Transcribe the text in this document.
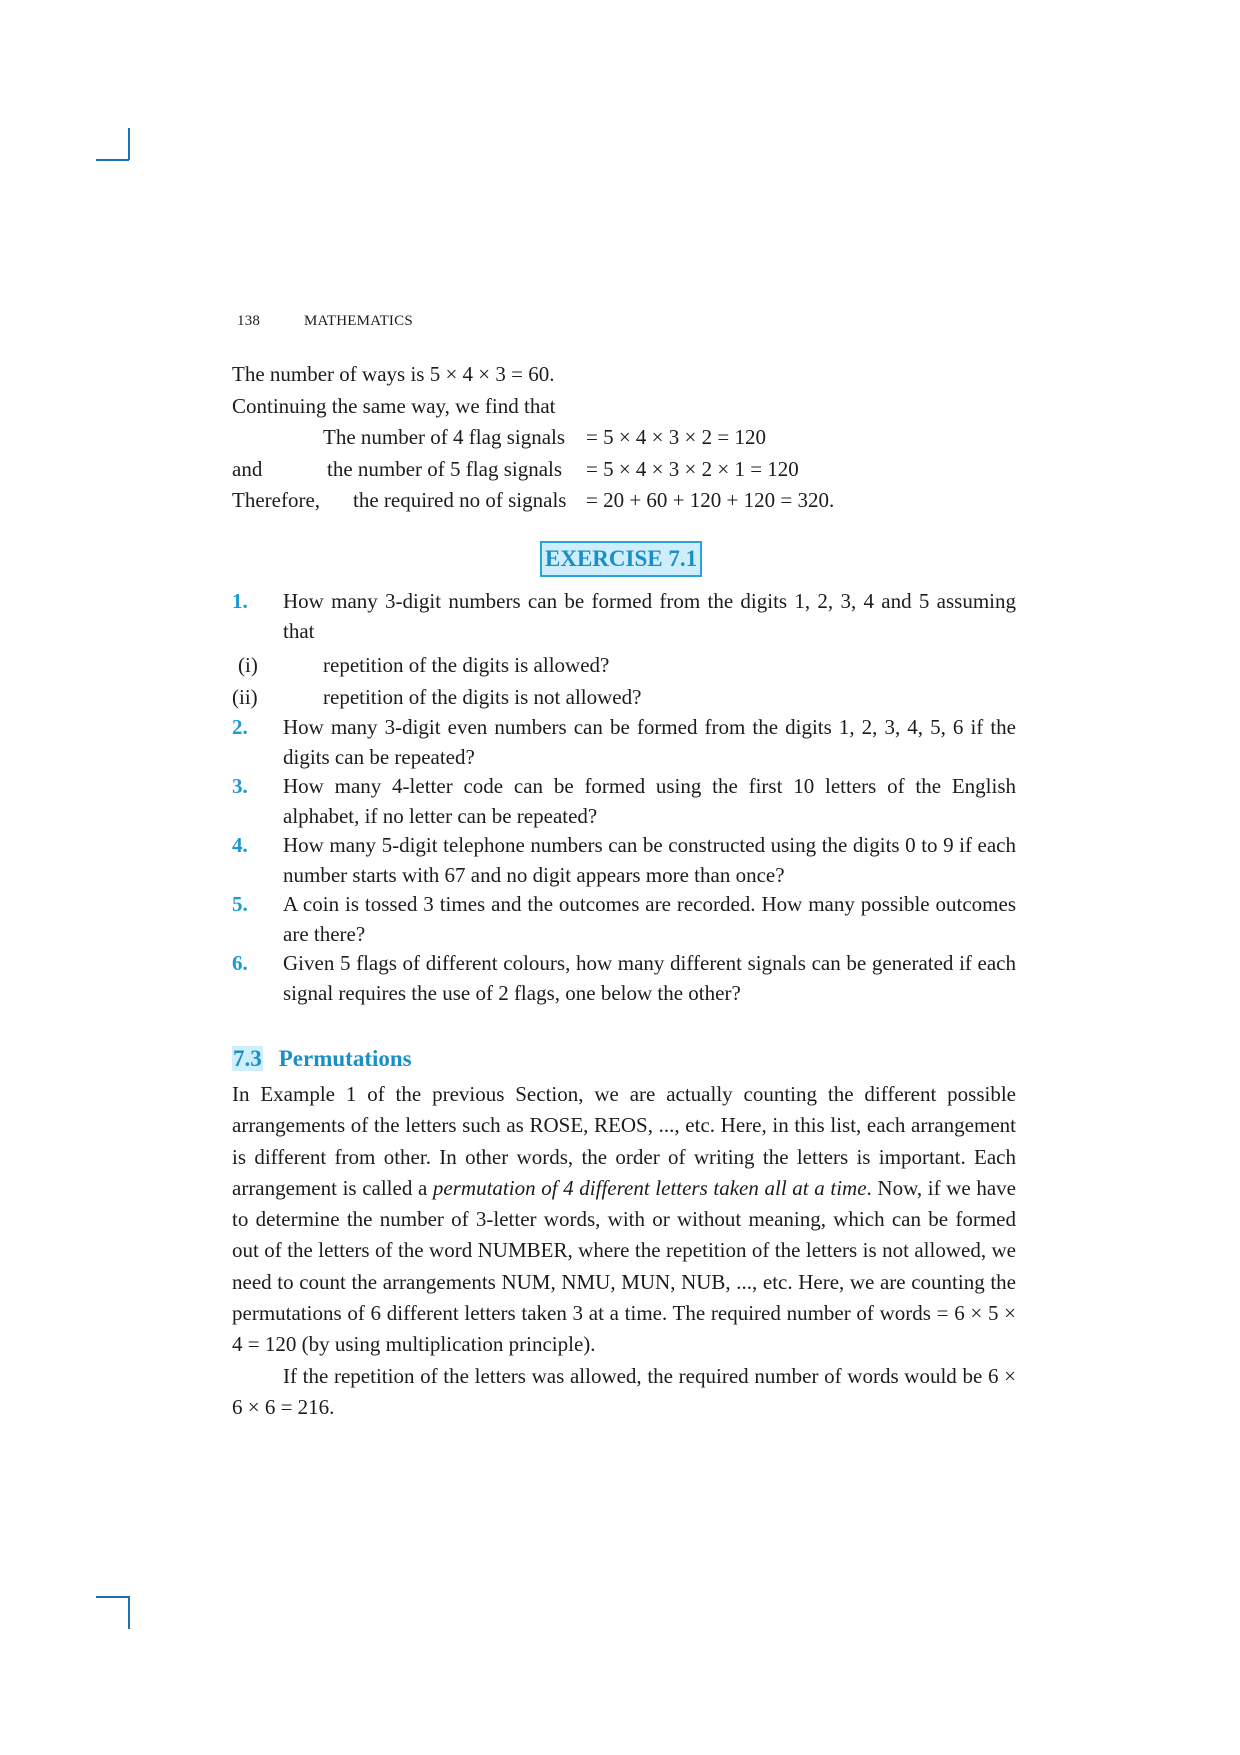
138	MATHEMATICS
The number of ways is 5 × 4 × 3 = 60.
Continuing the same way, we find that
The number of 4 flag signals = 5 × 4 × 3 × 2 = 120
and	the number of 5 flag signals = 5 × 4 × 3 × 2 × 1 = 120
Therefore, the required no of signals = 20 + 60 + 120 + 120 = 320.
EXERCISE 7.1
1. How many 3-digit numbers can be formed from the digits 1, 2, 3, 4 and 5 assuming that
(i)	repetition of the digits is allowed?
(ii)	repetition of the digits is not allowed?
2. How many 3-digit even numbers can be formed from the digits 1, 2, 3, 4, 5, 6 if the digits can be repeated?
3. How many 4-letter code can be formed using the first 10 letters of the English alphabet, if no letter can be repeated?
4. How many 5-digit telephone numbers can be constructed using the digits 0 to 9 if each number starts with 67 and no digit appears more than once?
5. A coin is tossed 3 times and the outcomes are recorded. How many possible outcomes are there?
6. Given 5 flags of different colours, how many different signals can be generated if each signal requires the use of 2 flags, one below the other?
7.3 Permutations

In Example 1 of the previous Section, we are actually counting the different possible arrangements of the letters such as ROSE, REOS, ..., etc. Here, in this list, each arrangement is different from other. In other words, the order of writing the letters is important. Each arrangement is called a permutation of 4 different letters taken all at a time. Now, if we have to determine the number of 3-letter words, with or without meaning, which can be formed out of the letters of the word NUMBER, where the repetition of the letters is not allowed, we need to count the arrangements NUM, NMU, MUN, NUB, ..., etc. Here, we are counting the permutations of 6 different letters taken 3 at a time. The required number of words = 6 × 5 × 4 = 120 (by using multiplication principle).

If the repetition of the letters was allowed, the required number of words would be 6 × 6 × 6 = 216.
